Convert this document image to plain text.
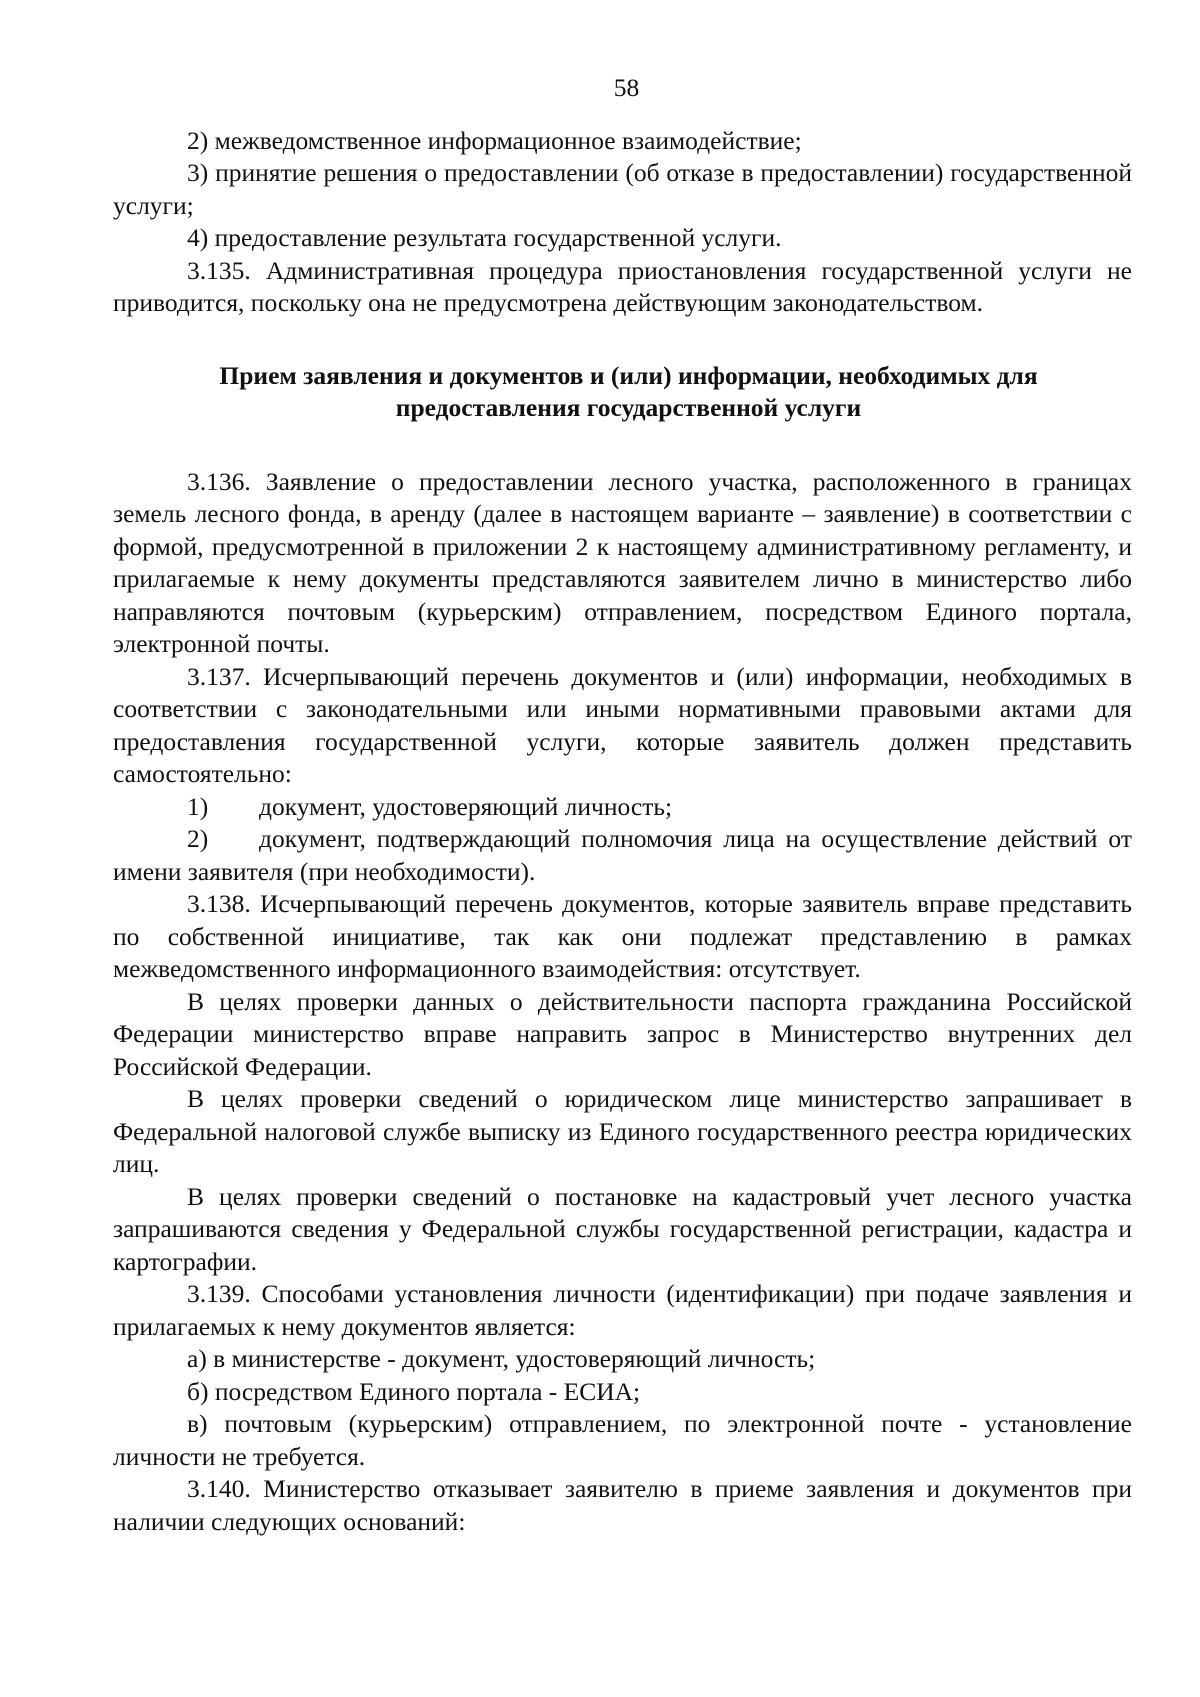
58

2) межведомственное информационное взаимодействие;

3) принятие решения о предоставлении (об отказе в предоставлении) государственной услуги;

4) предоставление результата государственной услуги.

3.135. Административная процедура приостановления государственной услуги не приводится, поскольку она не предусмотрена действующим законодательством.

Прием заявления и документов и (или) информации, необходимых для
предоставления государственной услуги

3.136. Заявление о предоставлении лесного участка, расположенного в границах земель лесного фонда, в аренду (далее в настоящем варианте – заявление) в соответствии с формой, предусмотренной в приложении 2 к настоящему административному регламенту, и прилагаемые к нему документы представляются заявителем лично в министерство либо направляются почтовым (курьерским) отправлением, посредством Единого портала, электронной почты.

3.137. Исчерпывающий перечень документов и (или) информации, необходимых в соответствии с законодательными или иными нормативными правовыми актами для предоставления государственной услуги, которые заявитель должен представить самостоятельно:

1) документ, удостоверяющий личность;

2) документ, подтверждающий полномочия лица на осуществление действий от имени заявителя (при необходимости).

3.138. Исчерпывающий перечень документов, которые заявитель вправе представить по собственной инициативе, так как они подлежат представлению в рамках межведомственного информационного взаимодействия: отсутствует.

В целях проверки данных о действительности паспорта гражданина Российской Федерации министерство вправе направить запрос в Министерство внутренних дел Российской Федерации.

В целях проверки сведений о юридическом лице министерство запрашивает в Федеральной налоговой службе выписку из Единого государственного реестра юридических лиц.

В целях проверки сведений о постановке на кадастровый учет лесного участка запрашиваются сведения у Федеральной службы государственной регистрации, кадастра и картографии.

3.139. Способами установления личности (идентификации) при подаче заявления и прилагаемых к нему документов является:

а) в министерстве - документ, удостоверяющий личность;

б) посредством Единого портала - ЕСИА;

в) почтовым (курьерским) отправлением, по электронной почте - установление личности не требуется.

3.140. Министерство отказывает заявителю в приеме заявления и документов при наличии следующих оснований:
